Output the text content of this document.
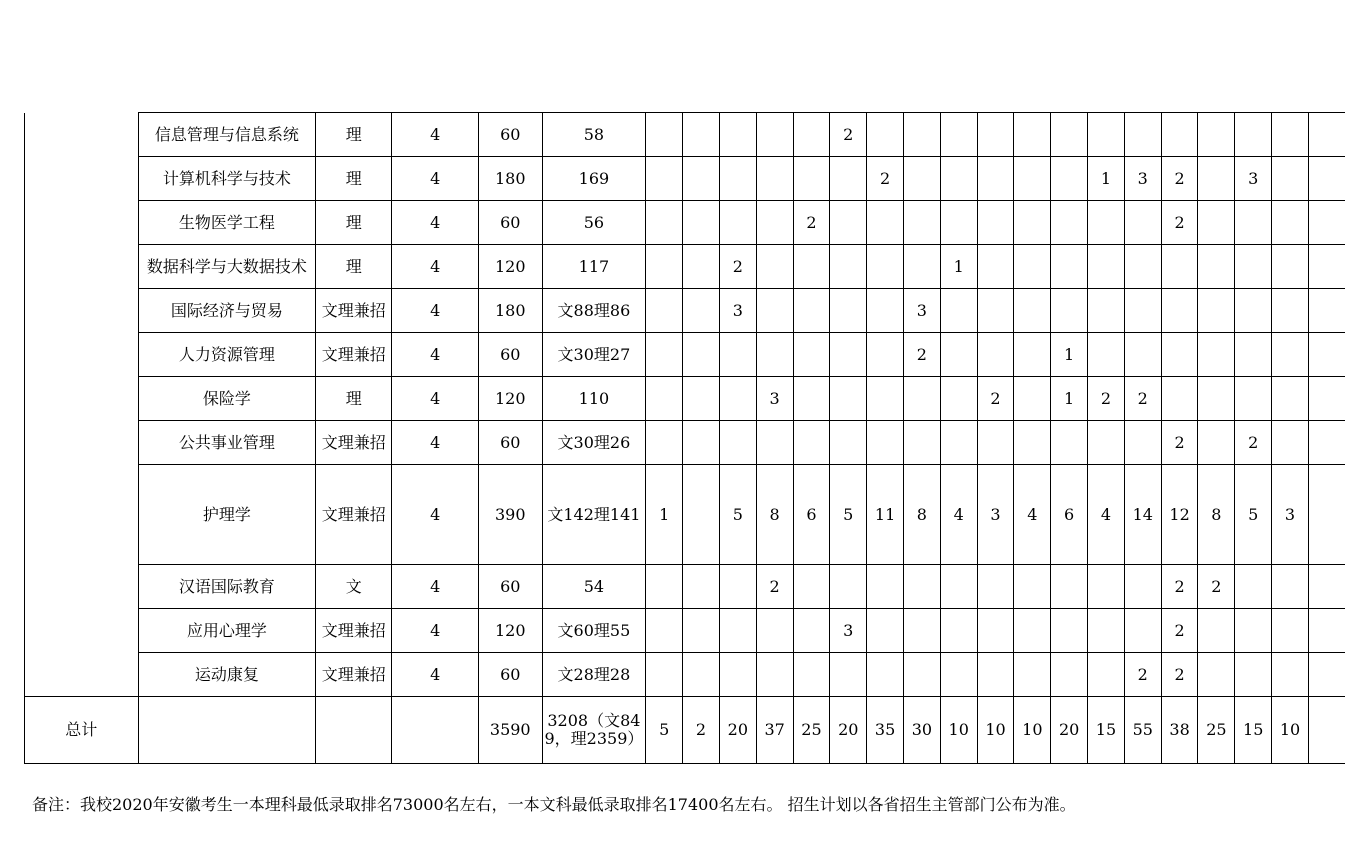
	信息管理与信息系统	理	4	60	58						2													
	计算机科学与技术	理	4	180	169							2						1	3	2		3		
	生物医学工程	理	4	60	56					2										2				
	数据科学与大数据技术	理	4	120	117			2						1										
	国际经济与贸易	文理兼招	4	180	文88理86			3					3											
	人力资源管理	文理兼招	4	60	文30理27								2				1							
	保险学	理	4	120	110				3						2		1	2	2					
	公共事业管理	文理兼招	4	60	文30理26															2		2		
	护理学	文理兼招	4	390	文142理141	1		5	8	6	5	11	8	4	3	4	6	4	14	12	8	5	3	
	汉语国际教育	文	4	60	54				2											2	2			
	应用心理学	文理兼招	4	120	文60理55						3									2				
	运动康复	文理兼招	4	60	文28理28														2	2				
总计				3590	3208（文849，理2359）	5	2	20	37	25	20	35	30	10	10	10	20	15	55	38	25	15	10	
备注：我校2020年安徽考生一本理科最低录取排名73000名左右，一本文科最低录取排名17400名左右。 招生计划以各省招生主管部门公布为准。
